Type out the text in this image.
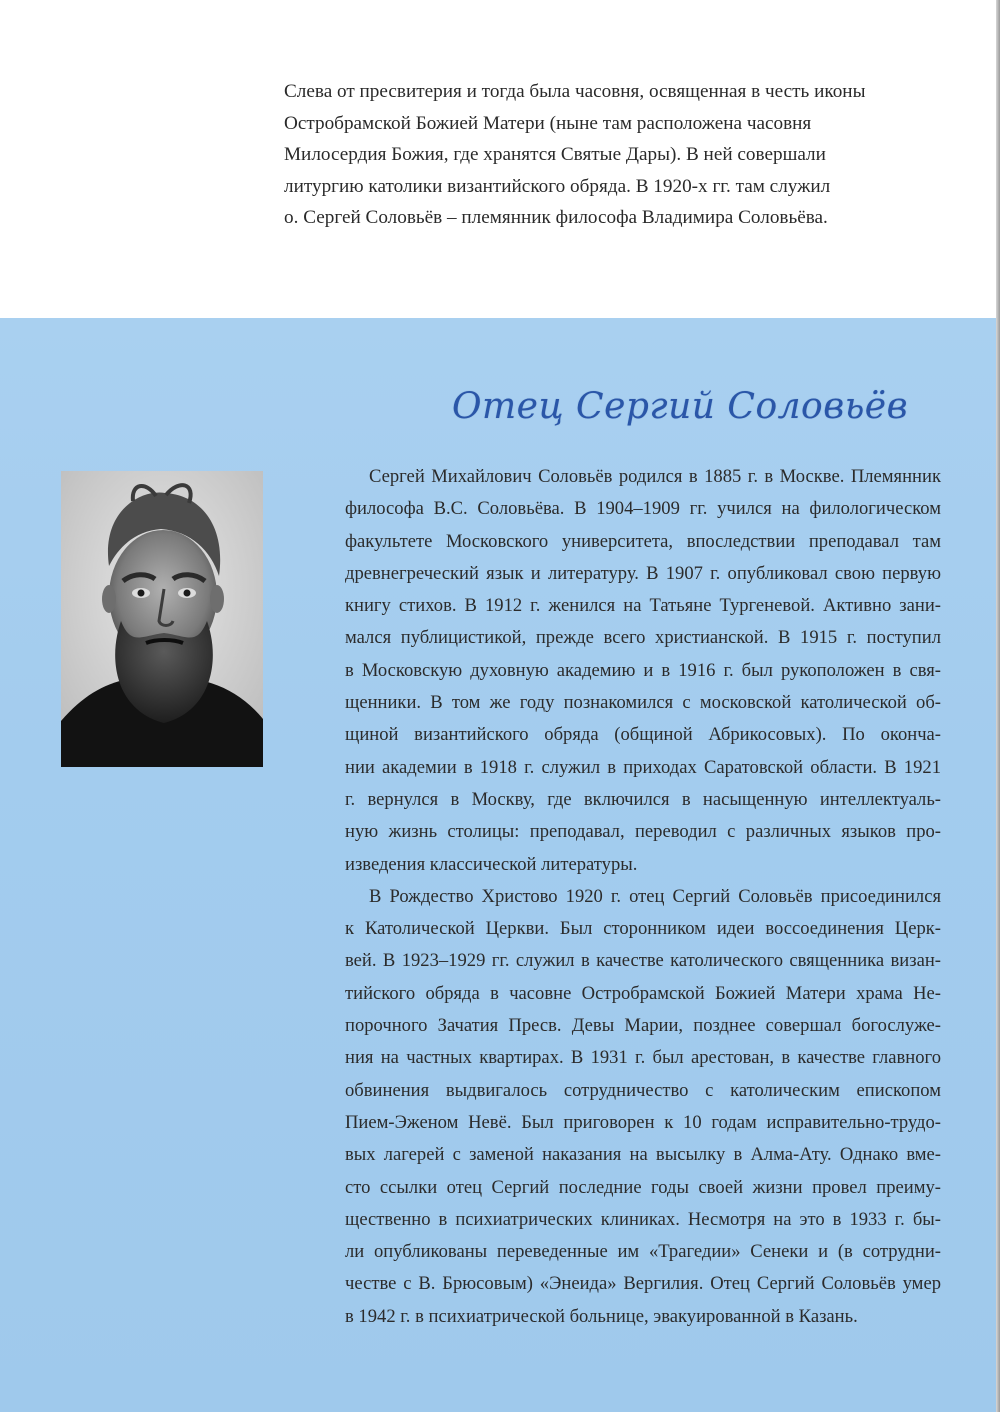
Слева от пресвитерия и тогда была часовня, освященная в честь иконы
Остробрамской Божией Матери (ныне там расположена часовня
Милосердия Божия, где хранятся Святые Дары). В ней совершали
литургию католики византийского обряда. В 1920-х гг. там служил
о. Сергей Соловьёв – племянник философа Владимира Соловьёва.
Отец Сергий Соловьёв
Сергей Михайлович Соловьёв родился в 1885 г. в Москве. Племянник
философа В.С. Соловьёва. В 1904–1909 гг. учился на филологическом
факультете Московского университета, впоследствии преподавал там
древнегреческий язык и литературу. В 1907 г. опубликовал свою первую
книгу стихов. В 1912 г. женился на Татьяне Тургеневой. Активно зани-
мался публицистикой, прежде всего христианской. В 1915 г. поступил
в Московскую духовную академию и в 1916 г. был рукоположен в свя-
щенники. В том же году познакомился с московской католической об-
щиной византийского обряда (общиной Абрикосовых). По оконча-
нии академии в 1918 г. служил в приходах Саратовской области. В 1921
г. вернулся в Москву, где включился в насыщенную интеллектуаль-
ную жизнь столицы: преподавал, переводил с различных языков про-
изведения классической литературы.
В Рождество Христово 1920 г. отец Сергий Соловьёв присоединился
к Католической Церкви. Был сторонником идеи воссоединения Церк-
вей. В 1923–1929 гг. служил в качестве католического священника визан-
тийского обряда в часовне Остробрамской Божией Матери храма Не-
порочного Зачатия Пресв. Девы Марии, позднее совершал богослуже-
ния на частных квартирах. В 1931 г. был арестован, в качестве главного
обвинения выдвигалось сотрудничество с католическим епископом
Пием-Эженом Невё. Был приговорен к 10 годам исправительно-трудо-
вых лагерей с заменой наказания на высылку в Алма-Ату. Однако вме-
сто ссылки отец Сергий последние годы своей жизни провел преиму-
щественно в психиатрических клиниках. Несмотря на это в 1933 г. бы-
ли опубликованы переведенные им «Трагедии» Сенеки и (в сотрудни-
честве с В. Брюсовым) «Энеида» Вергилия. Отец Сергий Соловьёв умер
в 1942 г. в психиатрической больнице, эвакуированной в Казань.
